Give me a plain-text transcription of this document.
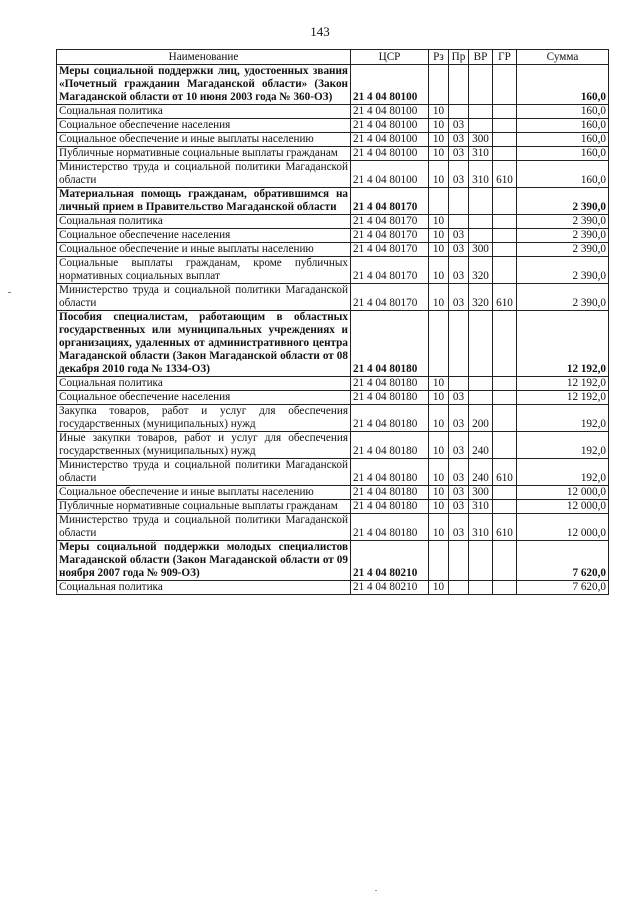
143
Наименование	ЦСР	Рз	Пр	ВР	ГР	Сумма
Меры социальной поддержки лиц, удостоенных звания «Почетный гражданин Магаданской области» (Закон Магаданской области от 10 июня 2003 года № 360-ОЗ)	21 4 04 80100					160,0
Социальная политика	21 4 04 80100	10				160,0
Социальное обеспечение населения	21 4 04 80100	10	03			160,0
Социальное обеспечение и иные выплаты населению	21 4 04 80100	10	03	300		160,0
Публичные нормативные социальные выплаты гражданам	21 4 04 80100	10	03	310		160,0
Министерство труда и социальной политики Магаданской области	21 4 04 80100	10	03	310	610	160,0
Материальная помощь гражданам, обратившимся на личный прием в Правительство Магаданской области	21 4 04 80170					2 390,0
Социальная политика	21 4 04 80170	10				2 390,0
Социальное обеспечение населения	21 4 04 80170	10	03			2 390,0
Социальное обеспечение и иные выплаты населению	21 4 04 80170	10	03	300		2 390,0
Социальные выплаты гражданам, кроме публичных нормативных социальных выплат	21 4 04 80170	10	03	320		2 390,0
Министерство труда и социальной политики Магаданской области	21 4 04 80170	10	03	320	610	2 390,0
Пособия специалистам, работающим в областных государственных или муниципальных учреждениях и организациях, удаленных от административного центра Магаданской области (Закон Магаданской области от 08 декабря 2010 года № 1334-ОЗ)	21 4 04 80180					12 192,0
Социальная политика	21 4 04 80180	10				12 192,0
Социальное обеспечение населения	21 4 04 80180	10	03			12 192,0
Закупка товаров, работ и услуг для обеспечения государственных (муниципальных) нужд	21 4 04 80180	10	03	200		192,0
Иные закупки товаров, работ и услуг для обеспечения государственных (муниципальных) нужд	21 4 04 80180	10	03	240		192,0
Министерство труда и социальной политики Магаданской области	21 4 04 80180	10	03	240	610	192,0
Социальное обеспечение и иные выплаты населению	21 4 04 80180	10	03	300		12 000,0
Публичные нормативные социальные выплаты гражданам	21 4 04 80180	10	03	310		12 000,0
Министерство труда и социальной политики Магаданской области	21 4 04 80180	10	03	310	610	12 000,0
Меры социальной поддержки молодых специалистов Магаданской области (Закон Магаданской области от 09 ноября 2007 года № 909-ОЗ)	21 4 04 80210					7 620,0
Социальная политика	21 4 04 80210	10				7 620,0
